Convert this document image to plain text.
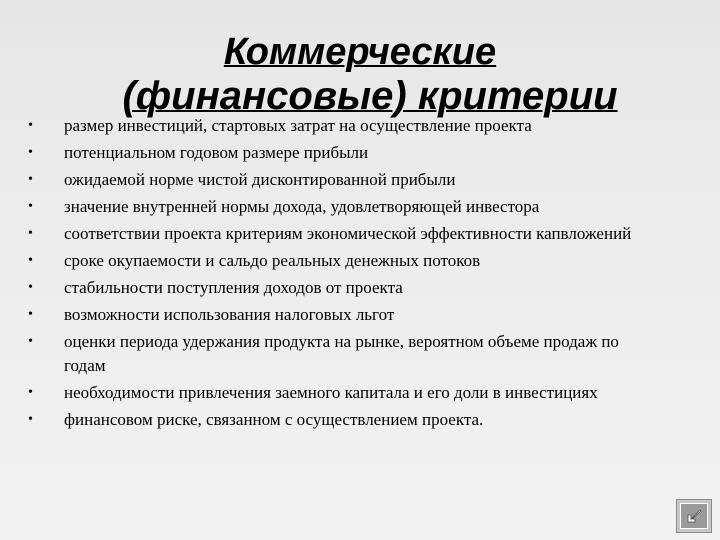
Коммерческие
(финансовые) критерии
•	размер инвестиций, стартовых затрат на осуществление проекта
•	потенциальном годовом размере прибыли
•	ожидаемой норме чистой дисконтированной прибыли
•	значение внутренней нормы дохода, удовлетворяющей инвестора
•	соответствии проекта критериям экономической эффективности капвложений
•	сроке окупаемости и сальдо реальных денежных потоков
•	стабильности поступления доходов от проекта
•	возможности использования налоговых льгот
•	оценки периода удержания продукта на рынке, вероятном объеме продаж по годам
•	необходимости привлечения заемного капитала и его доли в инвестициях
•	финансовом риске, связанном с осуществлением проекта.
